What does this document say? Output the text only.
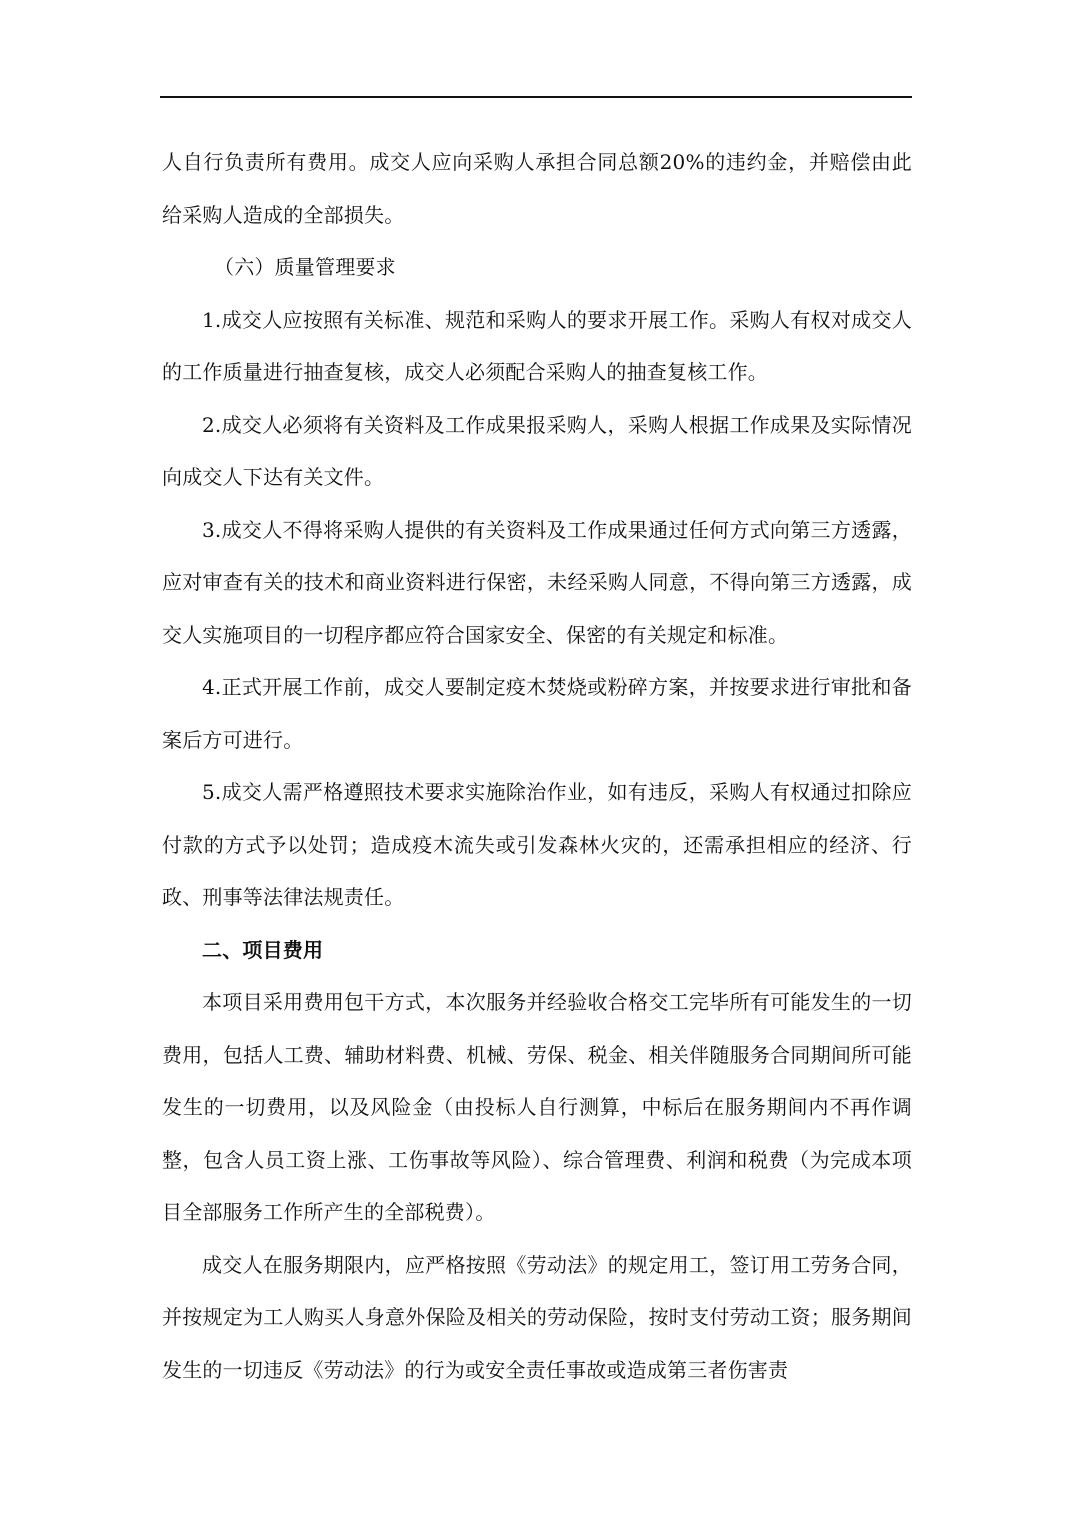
人自行负责所有费用。成交人应向采购人承担合同总额20%的违约金，并赔偿由此给采购人造成的全部损失。

（六）质量管理要求

1.成交人应按照有关标准、规范和采购人的要求开展工作。采购人有权对成交人的工作质量进行抽查复核，成交人必须配合采购人的抽查复核工作。

2.成交人必须将有关资料及工作成果报采购人，采购人根据工作成果及实际情况向成交人下达有关文件。

3.成交人不得将采购人提供的有关资料及工作成果通过任何方式向第三方透露，应对审查有关的技术和商业资料进行保密，未经采购人同意，不得向第三方透露，成交人实施项目的一切程序都应符合国家安全、保密的有关规定和标准。

4.正式开展工作前，成交人要制定疫木焚烧或粉碎方案，并按要求进行审批和备案后方可进行。

5.成交人需严格遵照技术要求实施除治作业，如有违反，采购人有权通过扣除应付款的方式予以处罚；造成疫木流失或引发森林火灾的，还需承担相应的经济、行政、刑事等法律法规责任。

二、项目费用

本项目采用费用包干方式，本次服务并经验收合格交工完毕所有可能发生的一切费用，包括人工费、辅助材料费、机械、劳保、税金、相关伴随服务合同期间所可能发生的一切费用，以及风险金（由投标人自行测算，中标后在服务期间内不再作调整，包含人员工资上涨、工伤事故等风险）、综合管理费、利润和税费（为完成本项目全部服务工作所产生的全部税费）。

成交人在服务期限内，应严格按照《劳动法》的规定用工，签订用工劳务合同，并按规定为工人购买人身意外保险及相关的劳动保险，按时支付劳动工资；服务期间发生的一切违反《劳动法》的行为或安全责任事故或造成第三者伤害责
